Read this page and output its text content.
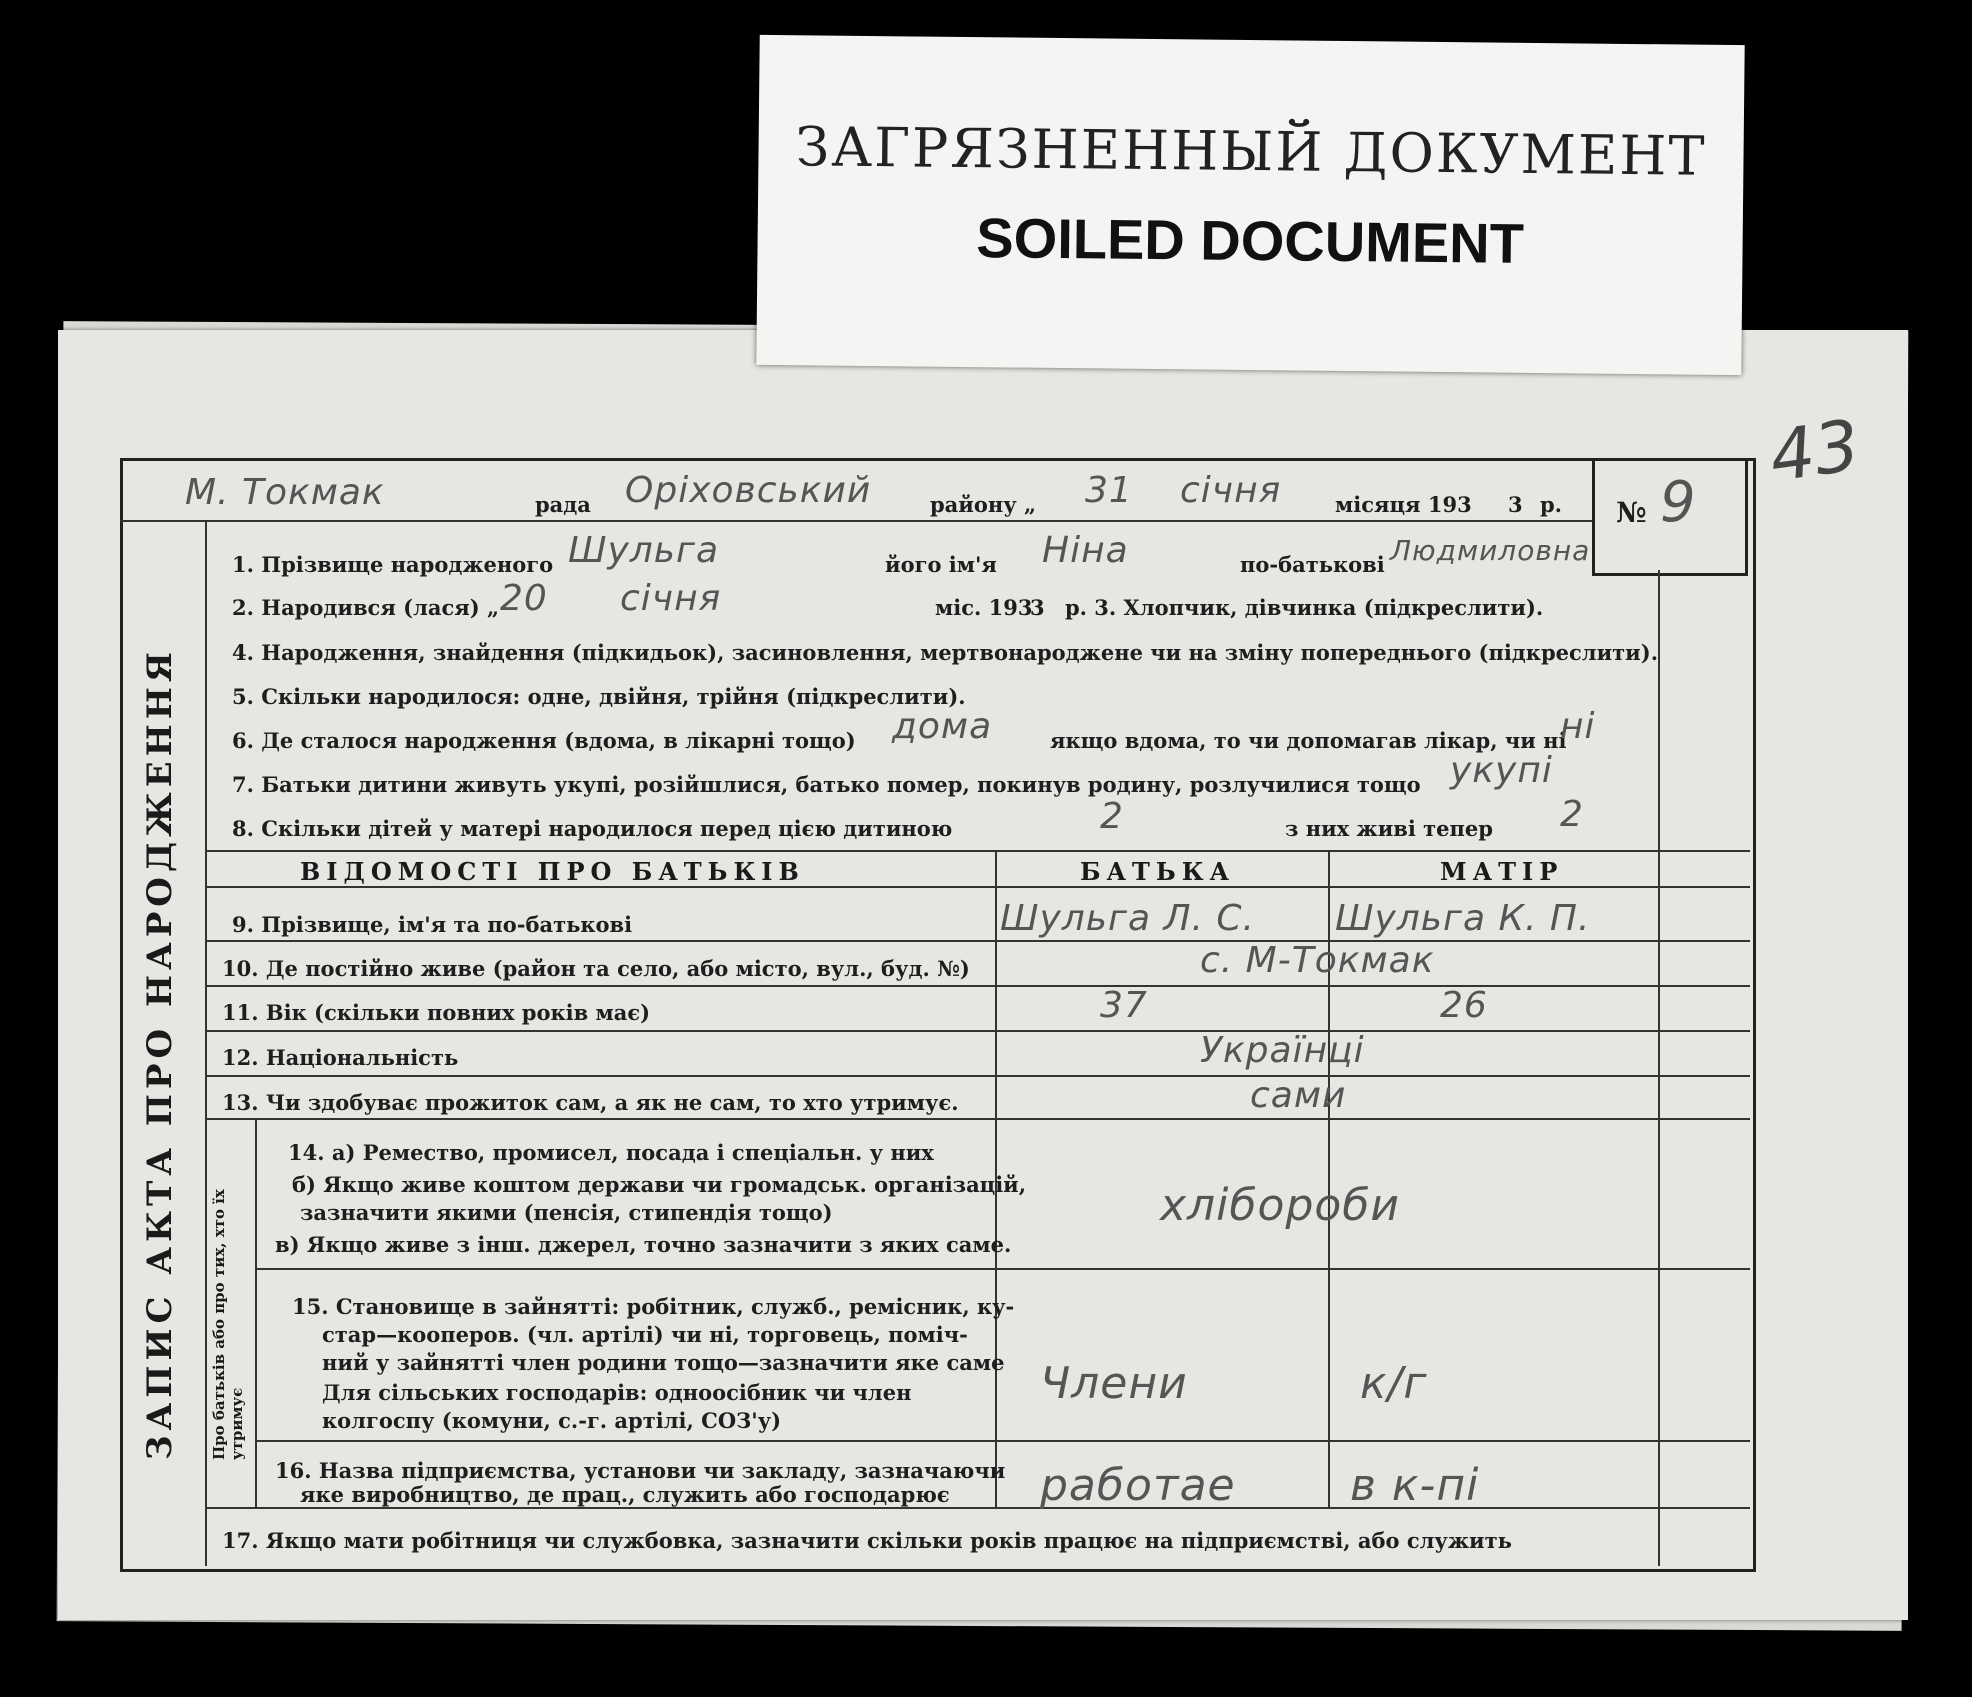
ЗАГРЯЗНЕННЫЙ ДОКУМЕНТ
SOILED DOCUMENT
43
ЗАПИС АКТА ПРО НАРОДЖЕННЯ Про батьків або про тих, хто їх утримує
М. Токмак	рада Оріховський	району „ 31 січня	місяця 193 3 р. № 9
1. Прізвище народженого Шульга	його ім'я Ніна	по-батькові Людмиловна
2. Народився (лася) „ 20 січня	міс. 193
3 р. 3. Хлопчик, дівчинка (підкреслити).
4. Народження, знайдення (підкидьок), засиновлення, мертвонароджене чи на зміну попереднього (підкреслити).
5. Скільки народилося: одне, двійня, трійня (підкреслити).
6. Де сталося народження (вдома, в лікарні тощо) дома	якщо вдома, то чи допомагав лікар, чи ні
ні
7. Батьки дитини живуть укупі, розійшлися, батько помер, покинув родину, розлучилися тощо укупі
8. Скільки дітей у матері народилося перед цією дитиною	2	з них живі тепер 2
ВІДОМОСТІ ПРО БАТЬКІВ	БАТЬКА	МАТІР
9. Прізвище, ім'я та по-батькові	Шульга Л. С. Шульга К. П.
10. Де постійно живе (район та село, або місто, вул., буд. №)	с. М-Токмак
11. Вік (скільки повних років має)	37	26
12. Національність	Українці
13. Чи здобуває прожиток сам, а як не сам, то хто утримує.	сами
14. а) Ремество, промисел, посада і спеціальн. у них
б) Якщо живе коштом держави чи громадськ. організацій,
зазначити якими (пенсія, стипендія тощо)
в) Якщо живе з інш. джерел, точно зазначити з яких саме.
хлібороби
15. Становище в зайнятті: робітник, служб., ремісник, ку-
стар—кооперов. (чл. артілі) чи ні, торговець, поміч-
ний у зайнятті член родини тощо—зазначити яке саме
Для сільських господарів: одноосібник чи член
колгоспу (комуни, с.-г. артілі, СОЗ'у)
Члени	к/г
16. Назва підприємства, установи чи закладу, зазначаючи
яке виробництво, де прац., служить або господарює работае	в к-пі
17. Якщо мати робітниця чи службовка, зазначити скільки років працює на підприємстві, або служить
